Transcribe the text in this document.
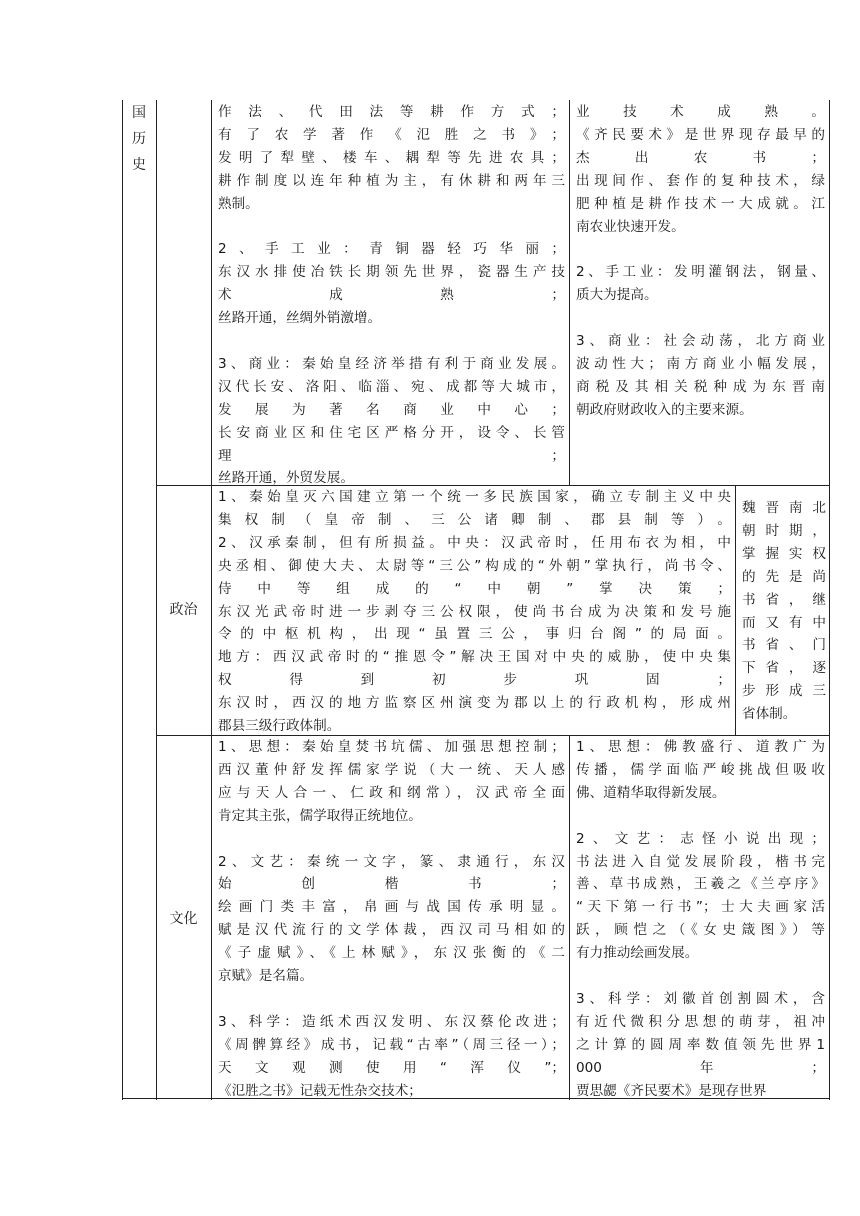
国
历
史
作法、代田法等耕作方式；
有了农学著作《氾胜之书》；
发明了犁壁、楼车、耦犁等先进农具；
耕作制度以连年种植为主，有休耕和两年三
熟制。
2、手工业：青铜器轻巧华丽；
东汉水排使冶铁长期领先世界，瓷器生产技
术成熟；
丝路开通，丝绸外销激增。
3、商业：秦始皇经济举措有利于商业发展。
汉代长安、洛阳、临淄、宛、成都等大城市，
发展为著名商业中心；
长安商业区和住宅区严格分开，设令、长管
理；
丝路开通，外贸发展。
业技术成熟。
《齐民要术》是世界现存最早的
杰出农书；
出现间作、套作的复种技术，绿
肥种植是耕作技术一大成就。江
南农业快速开发。
2、手工业：发明灌钢法，钢量、
质大为提高。
3、商业：社会动荡，北方商业
波动性大；南方商业小幅发展，
商税及其相关税种成为东晋南
朝政府财政收入的主要来源。
政治
1、秦始皇灭六国建立第一个统一多民族国家，确立专制主义中央
集权制（皇帝制、三公诸卿制、郡县制等）。
2、汉承秦制，但有所损益。中央：汉武帝时，任用布衣为相，中
央丞相、御使大夫、太尉等“三公”构成的“外朝”掌执行，尚书令、
侍中等组成的“中朝”掌决策；
东汉光武帝时进一步剥夺三公权限，使尚书台成为决策和发号施
令的中枢机构，出现“虽置三公，事归台阁”的局面。
地方：西汉武帝时的“推恩令”解决王国对中央的威胁，使中央集
权得到初步巩固；
东汉时，西汉的地方监察区州演变为郡以上的行政机构，形成州
郡县三级行政体制。
魏晋南北
朝时期，
掌握实权
的先是尚
书省，继
而又有中
书省、门
下省，逐
步形成三
省体制。
文化
1、思想：秦始皇焚书坑儒、加强思想控制；
西汉董仲舒发挥儒家学说（大一统、天人感
应与天人合一、仁政和纲常），汉武帝全面
肯定其主张，儒学取得正统地位。
2、文艺：秦统一文字，篆、隶通行，东汉
始创楷书；
绘画门类丰富，帛画与战国传承明显。
赋是汉代流行的文学体裁，西汉司马相如的
《子虚赋》、《上林赋》，东汉张衡的《二
京赋》是名篇。
3、科学：造纸术西汉发明、东汉蔡伦改进；
《周髀算经》成书，记载“古率”（周三径一）；
天文观测使用“浑仪”；
《氾胜之书》记载无性杂交技术；
1、思想：佛教盛行、道教广为
传播，儒学面临严峻挑战但吸收
佛、道精华取得新发展。
2、文艺：志怪小说出现；
书法进入自觉发展阶段，楷书完
善、草书成熟，王羲之《兰亭序》
“天下第一行书”；士大夫画家活
跃，顾恺之（《女史箴图》）等
有力推动绘画发展。
3、科学：刘徽首创割圆术，含
有近代微积分思想的萌芽，祖冲
之计算的圆周率数值领先世界1
000年；
贾思勰《齐民要术》是现存世界
